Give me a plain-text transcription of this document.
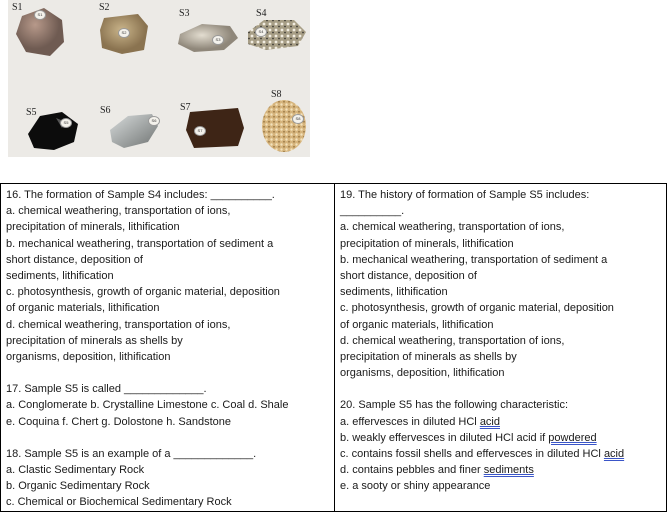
S1	S2
S3	S4
S5	S6	S7
S8
S1
S2
S3
S4
S5	S6
S7
S8

16. The formation of Sample S4 includes: __________.

a. chemical weathering, transportation of ions,

precipitation of minerals, lithification

b. mechanical weathering, transportation of sediment a

short distance, deposition of

sediments, lithification

c. photosynthesis, growth of organic material, deposition

of organic materials, lithification

d. chemical weathering, transportation of ions,

precipitation of minerals as shells by

organisms, deposition, lithification

17. Sample S5 is called _____________.

a. Conglomerate b. Crystalline Limestone c. Coal d. Shale

e. Coquina f. Chert g. Dolostone h. Sandstone

18. Sample S5 is an example of a _____________.

a. Clastic Sedimentary Rock

b. Organic Sedimentary Rock

c. Chemical or Biochemical Sedimentary Rock

19. The history of formation of Sample S5 includes:

__________.

a. chemical weathering, transportation of ions,

precipitation of minerals, lithification

b. mechanical weathering, transportation of sediment a

short distance, deposition of

sediments, lithification

c. photosynthesis, growth of organic material, deposition

of organic materials, lithification

d. chemical weathering, transportation of ions,

precipitation of minerals as shells by

organisms, deposition, lithification

20. Sample S5 has the following characteristic:

a. effervesces in diluted HCl acid

b. weakly effervesces in diluted HCl acid if powdered

c. contains fossil shells and effervesces in diluted HCl acid

d. contains pebbles and finer sediments

e. a sooty or shiny appearance
